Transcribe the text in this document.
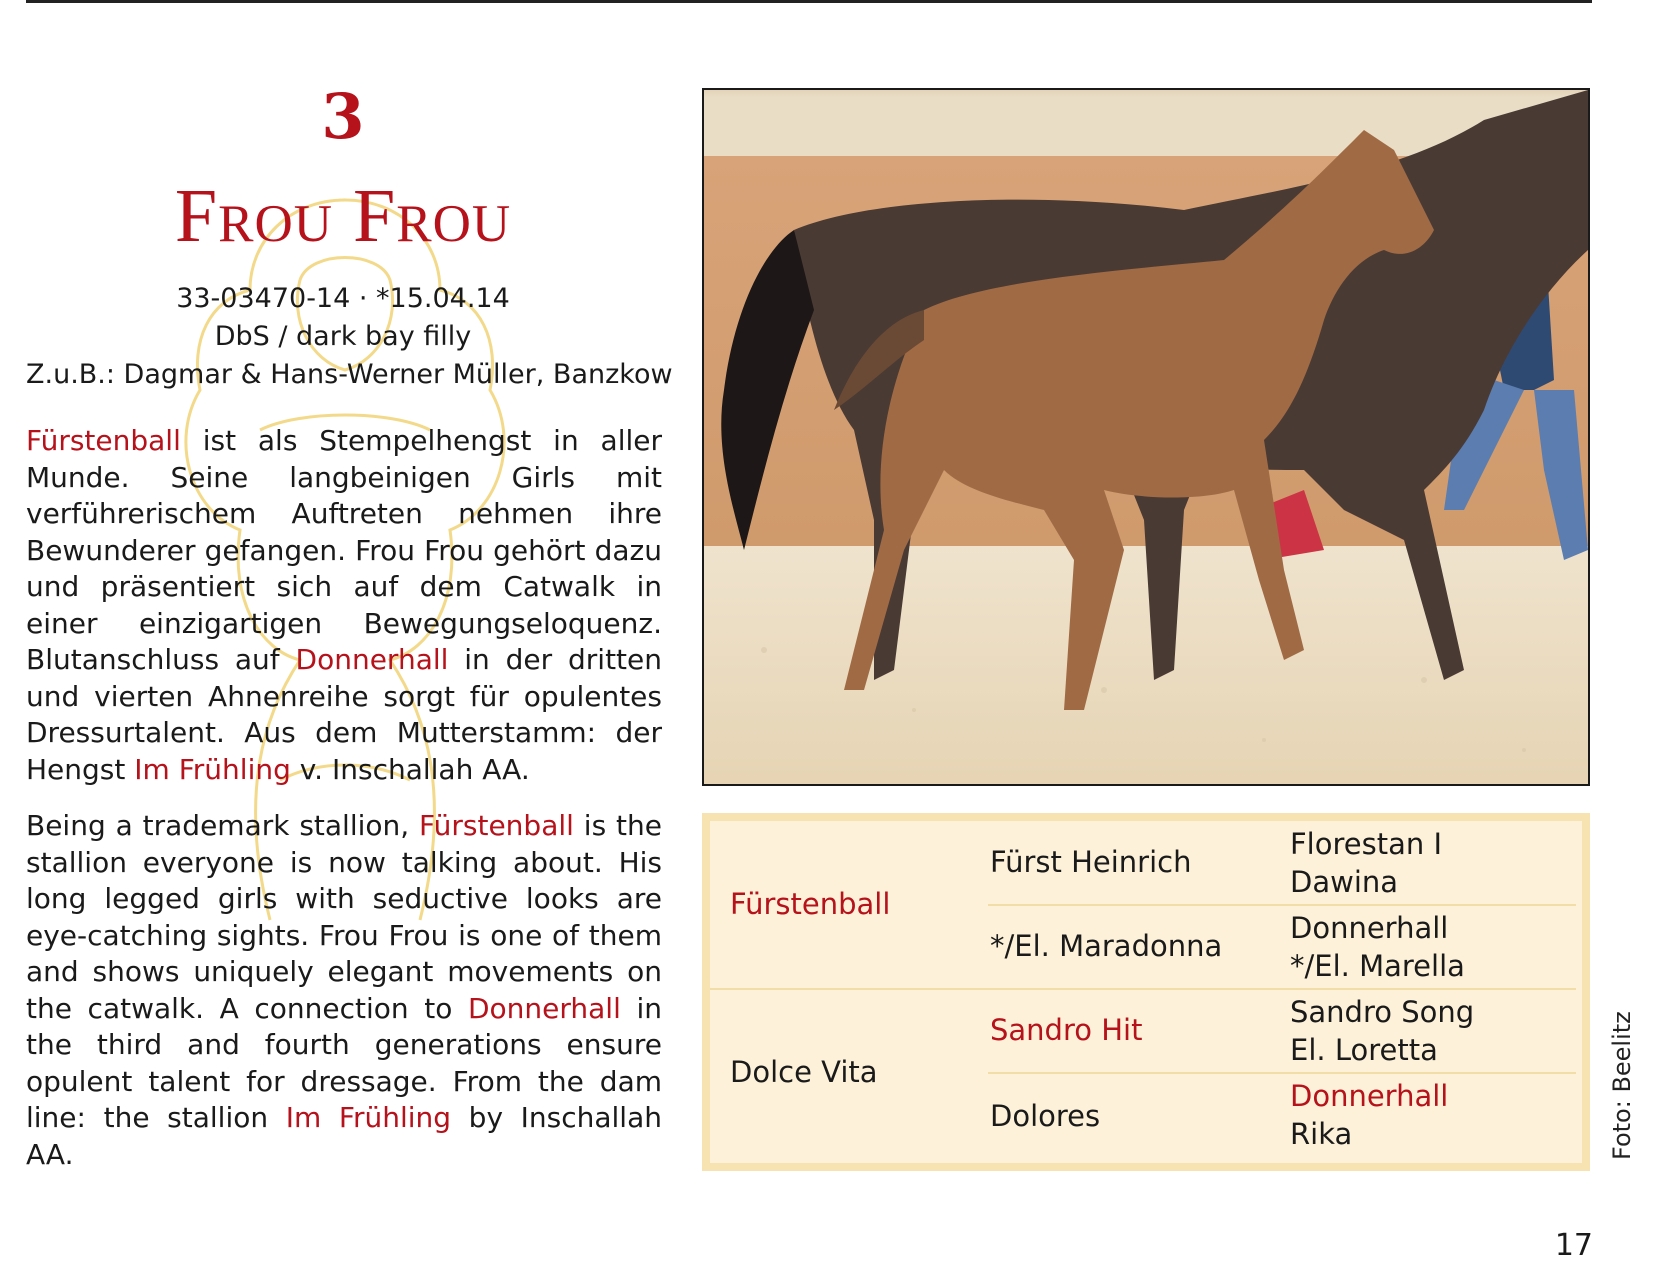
3
Frou Frou
33-03470-14 · *15.04.14
DbS / dark bay filly
Z.u.B.: Dagmar & Hans-Werner Müller, Banzkow

Fürstenball ist als Stempelhengst in aller Munde. Seine langbeinigen Girls mit verführerischem Auftreten nehmen ihre Bewunderer gefangen. Frou Frou gehört dazu und präsentiert sich auf dem Catwalk in einer einzigartigen Bewegungseloquenz. Blutanschluss auf Donnerhall in der dritten und vierten Ahnenreihe sorgt für opulentes Dressurtalent. Aus dem Mutterstamm: der Hengst Im Frühling v. Inschallah AA.

Being a trademark stallion, Fürstenball is the stallion everyone is now talking about. His long legged girls with seductive looks are eye-catching sights. Frou Frou is one of them and shows uniquely elegant movements on the catwalk. A connection to Donnerhall in the third and fourth generations ensure opulent talent for dressage. From the dam line: the stallion Im Frühling by Inschallah AA.

Fürstenball
Dolce Vita
Fürst Heinrich
*/El. Maradonna
Sandro Hit
Dolores
Florestan I
Dawina
Donnerhall
*/El. Marella
Sandro Song
El. Loretta
Donnerhall
Rika	Foto: Beelitz
17
